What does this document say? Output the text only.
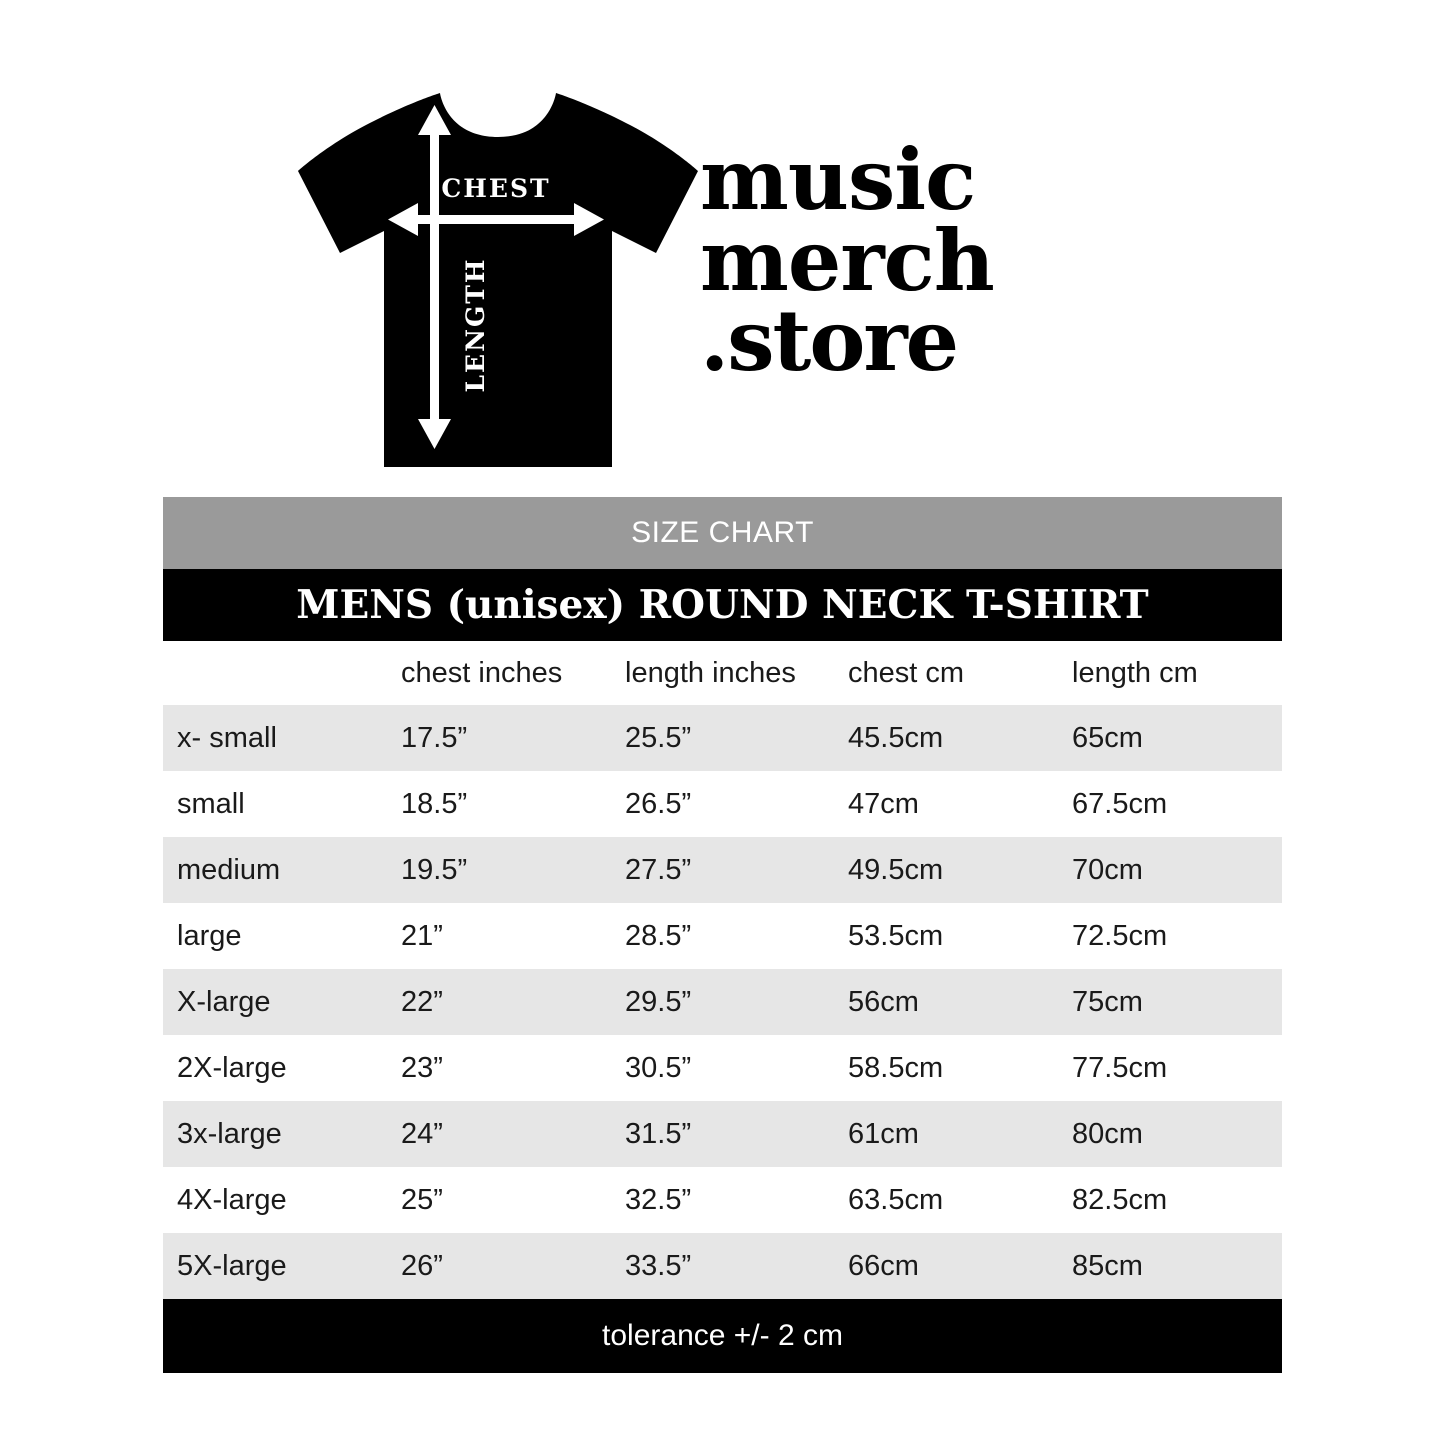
CHEST
LENGTH
music
merch
.store
SIZE CHART
MENS (unisex) ROUND NECK T-SHIRT
	chest inches	length inches	chest cm	length cm
x- small	17.5”	25.5”	45.5cm	65cm
small	18.5”	26.5”	47cm	67.5cm
medium	19.5”	27.5”	49.5cm	70cm
large	21”	28.5”	53.5cm	72.5cm
X-large	22”	29.5”	56cm	75cm
2X-large	23”	30.5”	58.5cm	77.5cm
3x-large	24”	31.5”	61cm	80cm
4X-large	25”	32.5”	63.5cm	82.5cm
5X-large	26”	33.5”	66cm	85cm
tolerance +/- 2 cm
